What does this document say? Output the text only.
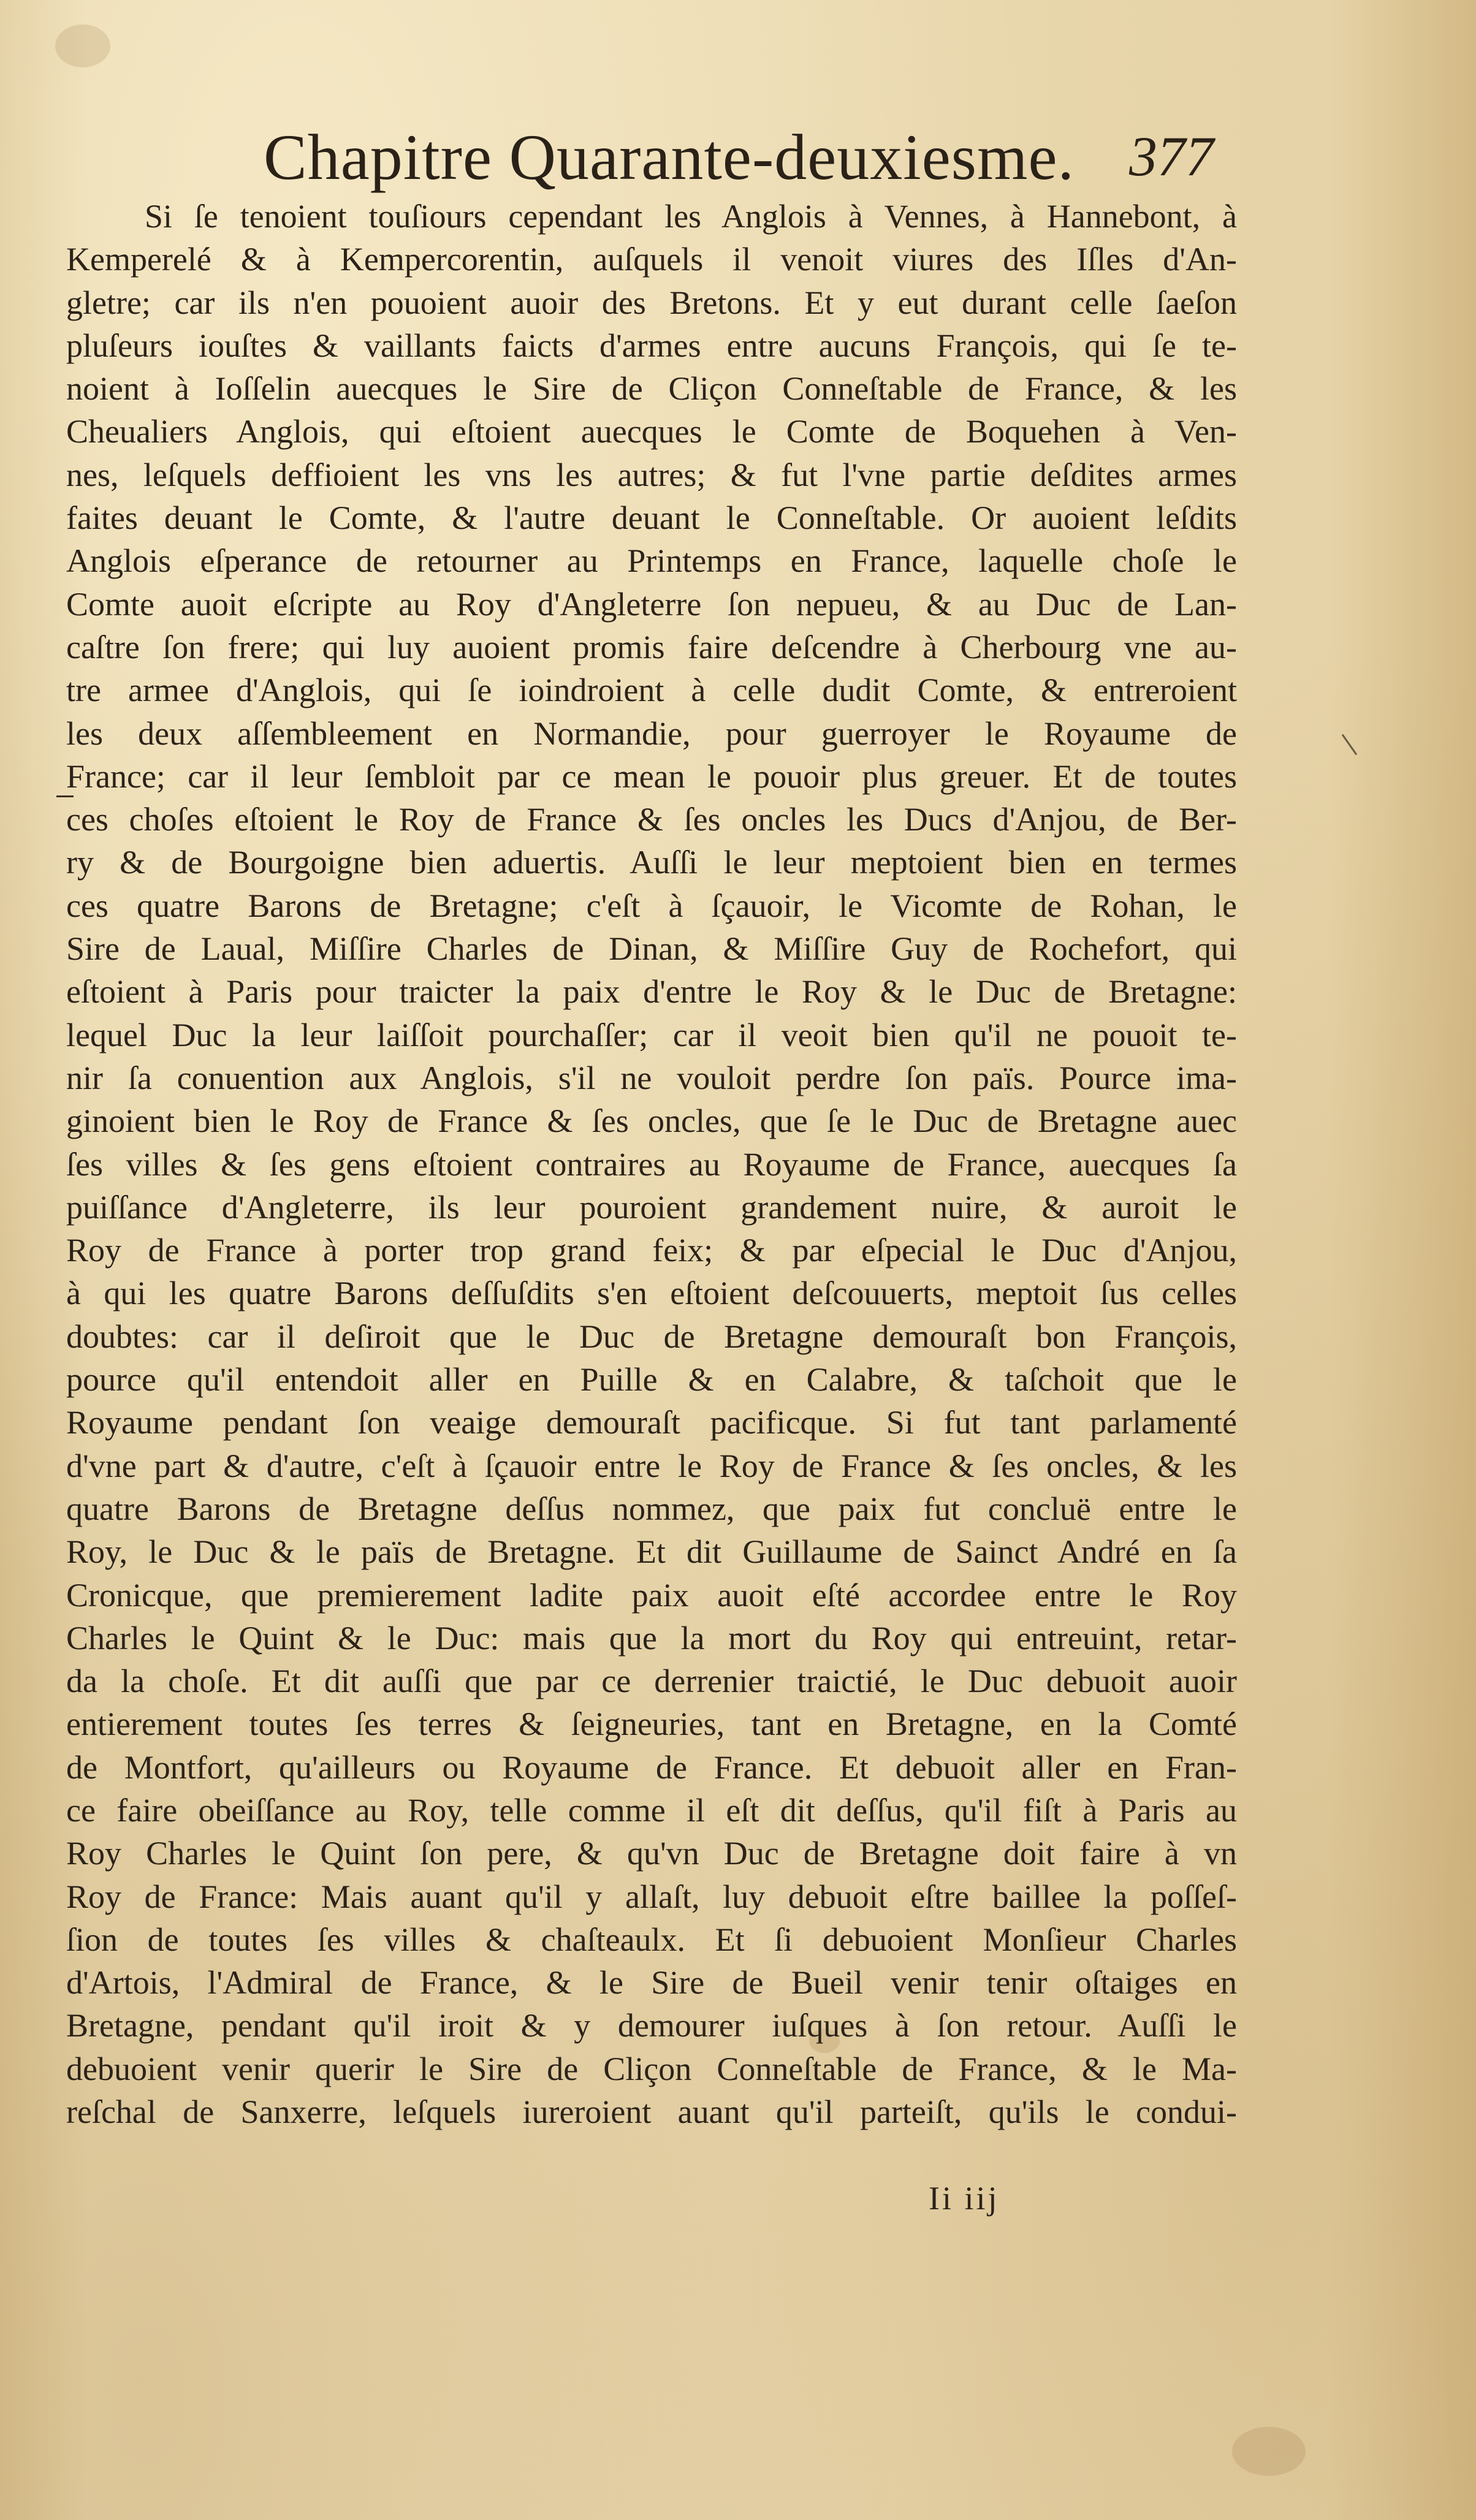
Chapitre Quarante-deuxiesme. 377
Si ſe tenoient touſiours cependant les Anglois à Vennes, à Hannebont, à
Kemperelé & à Kempercorentin, auſquels il venoit viures des Iſles d'An-
gletre; car ils n'en pouoient auoir des Bretons. Et y eut durant celle ſaeſon
pluſeurs iouſtes & vaillants faicts d'armes entre aucuns François, qui ſe te-
noient à Ioſſelin auecques le Sire de Cliçon Conneſtable de France, & les
Cheualiers Anglois, qui eſtoient auecques le Comte de Boquehen à Ven-
nes, leſquels deffioient les vns les autres; & fut l'vne partie deſdites armes
faites deuant le Comte, & l'autre deuant le Conneſtable. Or auoient leſdits
Anglois eſperance de retourner au Printemps en France, laquelle choſe le
Comte auoit eſcripte au Roy d'Angleterre ſon nepueu, & au Duc de Lan-
caſtre ſon frere; qui luy auoient promis faire deſcendre à Cherbourg vne au-
tre armee d'Anglois, qui ſe ioindroient à celle dudit Comte, & entreroient
les deux aſſembleement en Normandie, pour guerroyer le Royaume de
France; car il leur ſembloit par ce mean le pouoir plus greuer. Et de toutes
ces choſes eſtoient le Roy de France & ſes oncles les Ducs d'Anjou, de Ber-
ry & de Bourgoigne bien aduertis. Auſſi le leur meptoient bien en termes
ces quatre Barons de Bretagne; c'eſt à ſçauoir, le Vicomte de Rohan, le
Sire de Laual, Miſſire Charles de Dinan, & Miſſire Guy de Rochefort, qui
eſtoient à Paris pour traicter la paix d'entre le Roy & le Duc de Bretagne:
lequel Duc la leur laiſſoit pourchaſſer; car il veoit bien qu'il ne pouoit te-
nir ſa conuention aux Anglois, s'il ne vouloit perdre ſon païs. Pource ima-
ginoient bien le Roy de France & ſes oncles, que ſe le Duc de Bretagne auec
ſes villes & ſes gens eſtoient contraires au Royaume de France, auecques ſa
puiſſance d'Angleterre, ils leur pouroient grandement nuire, & auroit le
Roy de France à porter trop grand feix; & par eſpecial le Duc d'Anjou,
à qui les quatre Barons deſſuſdits s'en eſtoient deſcouuerts, meptoit ſus celles
doubtes: car il deſiroit que le Duc de Bretagne demouraſt bon François,
pource qu'il entendoit aller en Puille & en Calabre, & taſchoit que le
Royaume pendant ſon veaige demouraſt pacificque. Si fut tant parlamenté
d'vne part & d'autre, c'eſt à ſçauoir entre le Roy de France & ſes oncles, & les
quatre Barons de Bretagne deſſus nommez, que paix fut concluë entre le
Roy, le Duc & le païs de Bretagne. Et dit Guillaume de Sainct André en ſa
Cronicque, que premierement ladite paix auoit eſté accordee entre le Roy
Charles le Quint & le Duc: mais que la mort du Roy qui entreuint, retar-
da la choſe. Et dit auſſi que par ce derrenier traictié, le Duc debuoit auoir
entierement toutes ſes terres & ſeigneuries, tant en Bretagne, en la Comté
de Montfort, qu'ailleurs ou Royaume de France. Et debuoit aller en Fran-
ce faire obeiſſance au Roy, telle comme il eſt dit deſſus, qu'il fiſt à Paris au
Roy Charles le Quint ſon pere, & qu'vn Duc de Bretagne doit faire à vn
Roy de France: Mais auant qu'il y allaſt, luy debuoit eſtre baillee la poſſeſ-
ſion de toutes ſes villes & chaſteaulx. Et ſi debuoient Monſieur Charles
d'Artois, l'Admiral de France, & le Sire de Bueil venir tenir oſtaiges en
Bretagne, pendant qu'il iroit & y demourer iuſques à ſon retour. Auſſi le
debuoient venir querir le Sire de Cliçon Conneſtable de France, & le Ma-
reſchal de Sanxerre, leſquels iureroient auant qu'il parteiſt, qu'ils le condui-
Ii iij
